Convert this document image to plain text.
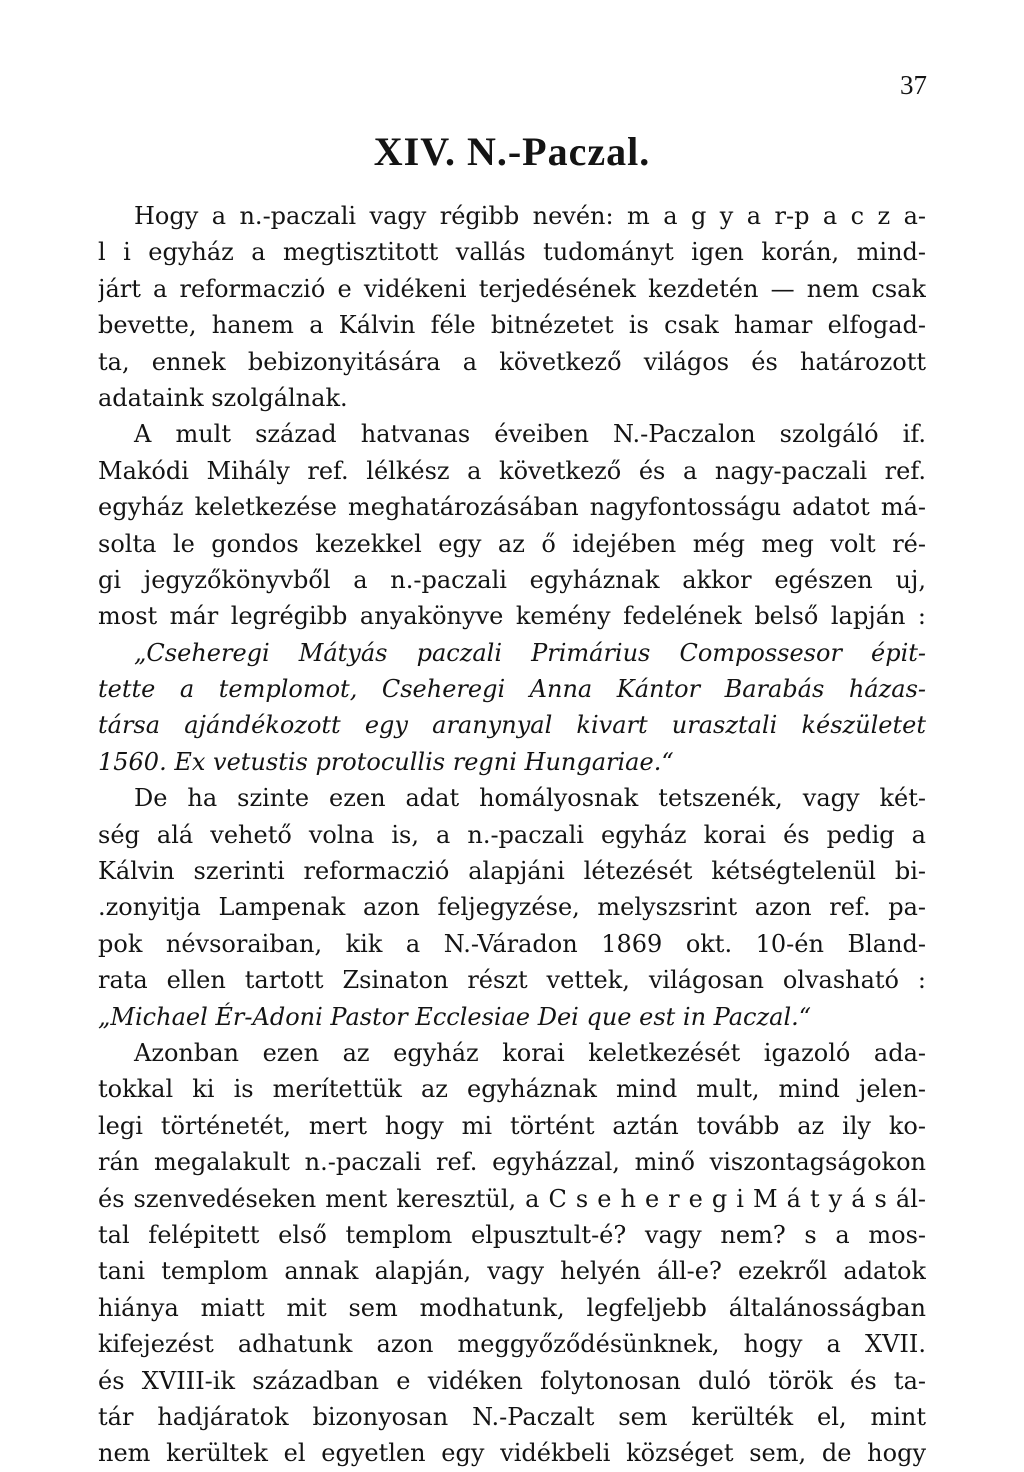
37
XIV. N.-Paczal.
Hogy a n.-paczali vagy régibb nevén: m a g y a r-p a c z a-
l i egyház a megtisztitott vallás tudományt igen korán, mind-
járt a reformaczió e vidékeni terjedésének kezdetén — nem csak
bevette, hanem a Kálvin féle bitnézetet is csak hamar elfogad-
ta, ennek bebizonyitására a következő világos és határozott
adataink szolgálnak.
A mult század hatvanas éveiben N.-Paczalon szolgáló if.
Makódi Mihály ref. lélkész a következő és a nagy-paczali ref.
egyház keletkezése meghatározásában nagyfontosságu adatot má-
solta le gondos kezekkel egy az ő idejében még meg volt ré-
gi jegyzőkönyvből a n.-paczali egyháznak akkor egészen uj,
most már legrégibb anyakönyve kemény fedelének belső lapján :
„Cseheregi Mátyás paczali Primárius Compossesor épit-
tette a templomot, Cseheregi Anna Kántor Barabás házas-
társa ajándékozott egy aranynyal kivart urasztali készületet
1560. Ex vetustis protocullis regni Hungariae.“
De ha szinte ezen adat homályosnak tetszenék, vagy két-
ség alá vehető volna is, a n.-paczali egyház korai és pedig a
Kálvin szerinti reformaczió alapjáni létezését kétségtelenül bi-
.zonyitja Lampenak azon feljegyzése, melyszsrint azon ref. pa-
pok névsoraiban, kik a N.-Váradon 1869 okt. 10-én Bland-
rata ellen tartott Zsinaton részt vettek, világosan olvasható :
„Michael Ér-Adoni Pastor Ecclesiae Dei que est in Paczal.“
Azonban ezen az egyház korai keletkezését igazoló ada-
tokkal ki is merítettük az egyháznak mind mult, mind jelen-
legi történetét, mert hogy mi történt aztán tovább az ily ko-
rán megalakult n.-paczali ref. egyházzal, minő viszontagságokon
és szenvedéseken ment keresztül, a C s e h e r e g i M á t y á s ál-
tal felépitett első templom elpusztult-é? vagy nem? s a mos-
tani templom annak alapján, vagy helyén áll-e? ezekről adatok
hiánya miatt mit sem modhatunk, legfeljebb általánosságban
kifejezést adhatunk azon meggyőződésünknek, hogy a XVII.
és XVIII-ik században e vidéken folytonosan duló török és ta-
tár hadjáratok bizonyosan N.-Paczalt sem kerülték el, mint
nem kerültek el egyetlen egy vidékbeli községet sem, de hogy
